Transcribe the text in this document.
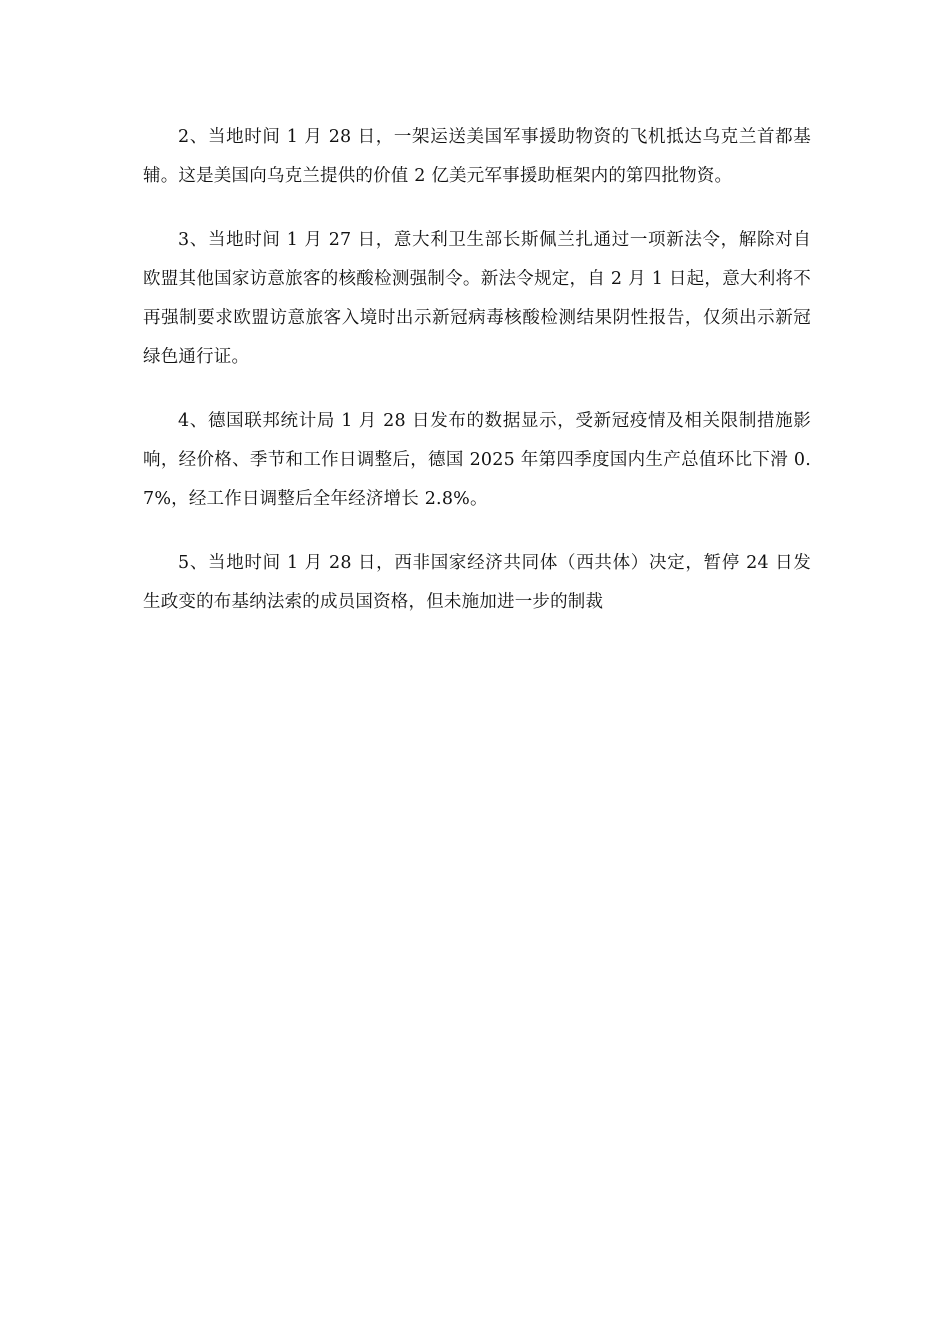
2、当地时间 1 月 28 日，一架运送美国军事援助物资的飞机抵达乌克兰首都基辅。这是美国向乌克兰提供的价值 2 亿美元军事援助框架内的第四批物资。

3、当地时间 1 月 27 日，意大利卫生部长斯佩兰扎通过一项新法令，解除对自欧盟其他国家访意旅客的核酸检测强制令。新法令规定，自 2 月 1 日起，意大利将不再强制要求欧盟访意旅客入境时出示新冠病毒核酸检测结果阴性报告，仅须出示新冠绿色通行证。

4、德国联邦统计局 1 月 28 日发布的数据显示，受新冠疫情及相关限制措施影响，经价格、季节和工作日调整后，德国 2025 年第四季度国内生产总值环比下滑 0.7%，经工作日调整后全年经济增长 2.8%。

5、当地时间 1 月 28 日，西非国家经济共同体（西共体）决定，暂停 24 日发生政变的布基纳法索的成员国资格，但未施加进一步的制裁
